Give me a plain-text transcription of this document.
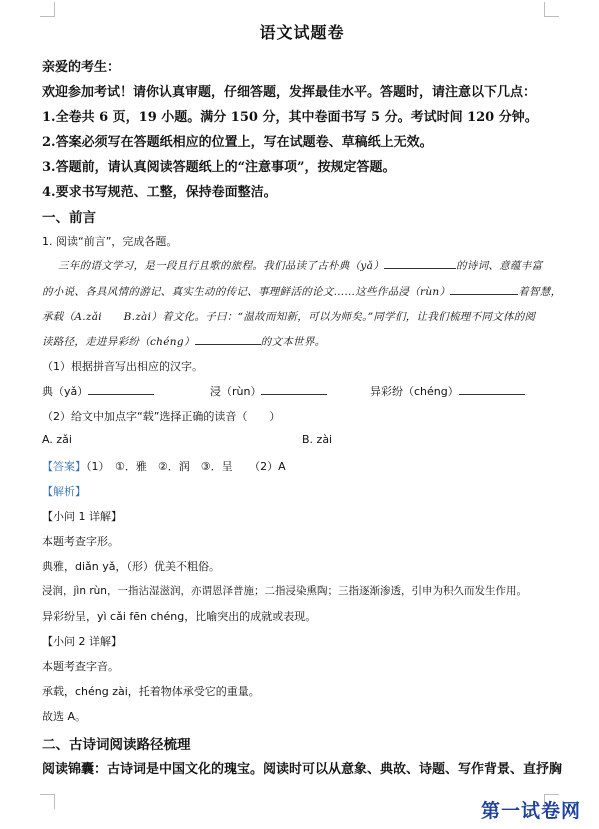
语文试题卷
亲爱的考生：
欢迎参加考试！请你认真审题，仔细答题，发挥最佳水平。答题时，请注意以下几点：
1.全卷共 6 页，19 小题。满分 150 分，其中卷面书写 5 分。考试时间 120 分钟。
2.答案必须写在答题纸相应的位置上，写在试题卷、草稿纸上无效。
3.答题前，请认真阅读答题纸上的“注意事项”，按规定答题。
4.要求书写规范、工整，保持卷面整洁。
一、前言
1. 阅读“前言”，完成各题。
三年的语文学习，是一段且行且歌的旅程。我们品读了古朴典（yǎ）	的诗词、意蕴丰富
的小说、各具风情的游记、真实生动的传记、事理鲜活的论文……这些作品浸（rùn）	着智慧，
承载（A.zǎi　　B.zài）着文化。子曰：“温故而知新，可以为师矣。”同学们，让我们梳理不同文体的阅
读路径，走进异彩纷（chéng）	的文本世界。
（1）根据拼音写出相应的汉字。
典（yǎ）	浸（rùn）	异彩纷（chéng）
（2）给文中加点字“载”选择正确的读音（　　）
A. zǎi	B. zài
【答案】（1）　①．雅　②．润　③．呈　　（2）A
【解析】
【小问 1 详解】
本题考查字形。
典雅，diǎn yǎ，（形）优美不粗俗。
浸润，jìn rùn，一指沾湿滋润，亦谓恩泽普施；二指浸染熏陶；三指逐渐渗透，引申为积久而发生作用。
异彩纷呈，yì cǎi fēn chéng，比喻突出的成就或表现。
【小问 2 详解】
本题考查字音。
承载，chéng zài，托着物体承受它的重量。
故选 A。
二、古诗词阅读路径梳理
阅读锦囊：古诗词是中国文化的瑰宝。阅读时可以从意象、典故、诗题、写作背景、直抒胸
第一试卷网
